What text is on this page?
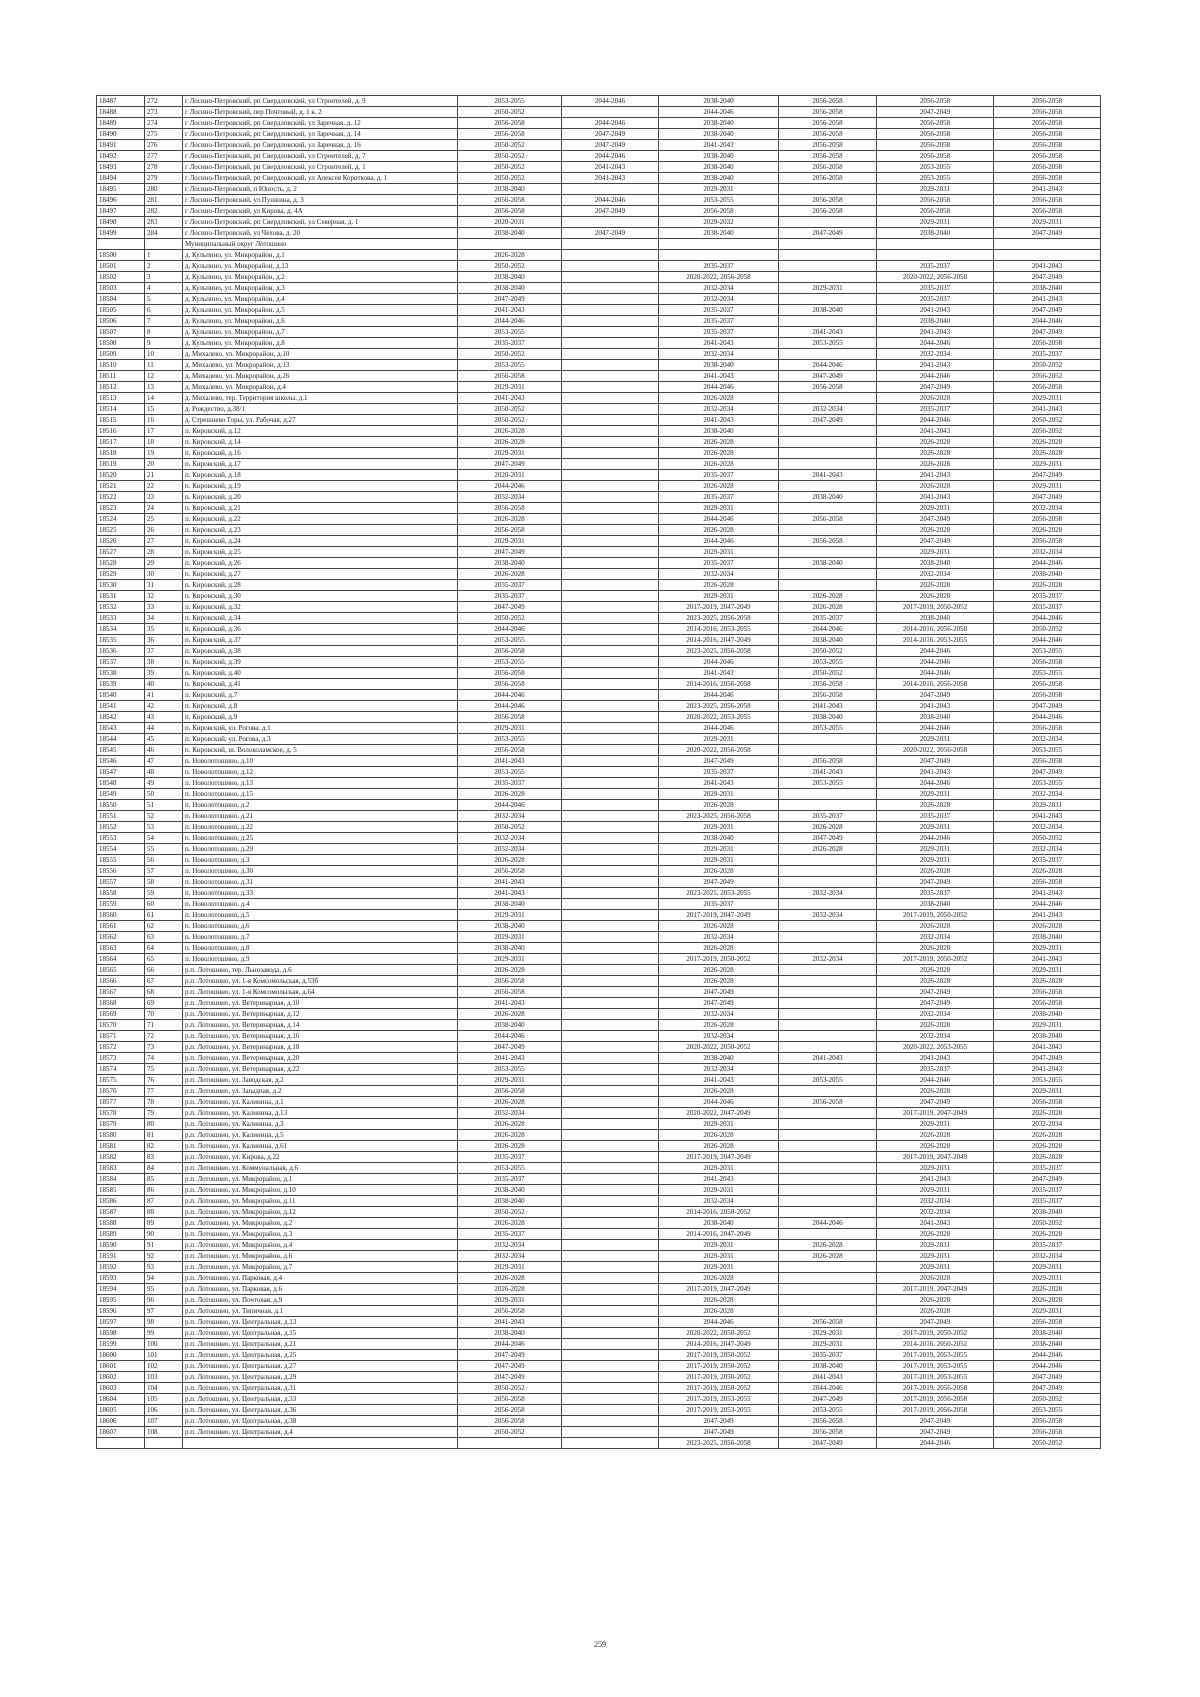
18487	272	г Лосино-Петровский, рп Свердловский, ул Строителей, д. 9	2053-2055	2044-2046	2038-2040	2056-2058	2056-2058	2056-2058
18488	273	г Лосино-Петровский, пер Почтовый, д. 1 к. 2	2050-2052		2044-2046	2056-2058	2047-2049	2056-2058
18489	274	г Лосино-Петровский, рп Свердловский, ул Заречная, д. 12	2056-2058	2044-2046	2038-2040	2056-2058	2056-2058	2056-2058
18490	275	г Лосино-Петровский, рп Свердловский, ул Заречная, д. 14	2056-2058	2047-2049	2038-2040	2056-2058	2056-2058	2056-2058
18491	276	г Лосино-Петровский, рп Свердловский, ул Заречная, д. 16	2050-2052	2047-2049	2041-2043	2056-2058	2056-2058	2056-2058
18492	277	г Лосино-Петровский, рп Свердловский, ул Строителей, д. 7	2050-2052	2044-2046	2038-2040	2056-2058	2056-2058	2056-2058
18493	278	г Лосино-Петровский, рп Свердловский, ул Строителей, д. 1	2050-2052	2041-2043	2038-2040	2056-2058	2053-2055	2056-2058
18494	279	г Лосино-Петровский, рп Свердловский, ул Алексея Короткова, д. 1	2050-2052	2041-2043	2038-2040	2056-2058	2053-2055	2056-2058
18495	280	г Лосино-Петровский, п Юность, д. 2	2038-2040		2029-2031		2029-2031	2041-2043
18496	281	г Лосино-Петровский, ул Пушкина, д. 3	2056-2058	2044-2046	2053-2055	2056-2058	2056-2058	2056-2058
18497	282	г Лосино-Петровский, ул Кирова, д. 4А	2056-2058	2047-2049	2056-2058	2056-2058	2056-2058	2056-2058
18498	283	г Лосино-Петровский, рп Свердловский, ул Северная, д. 1	2020-2031		2029-2032		2029-2031	2029-2031
18499	284	г Лосино-Петровский, ул Чехова, д. 20	2038-2040	2047-2049	2038-2040	2047-2049	2038-2040	2047-2049
		Муниципальный округ Лотошино						
18500	1	д. Кульпино, ул. Микрорайон, д.1	2026-2028					
18501	2	д. Кульпино, ул. Микрорайон, д.13	2050-2052		2035-2037		2035-2037	2041-2043
18502	3	д. Кульпино, ул. Микрорайон, д.2	2038-2040		2020-2022, 2056-2058		2020-2022, 2056-2058	2047-2049
18503	4	д. Кульпино, ул. Микрорайон, д.3	2038-2040		2032-2034	2029-2031	2035-2037	2038-2040
18504	5	д. Кульпино, ул. Микрорайон, д.4	2047-2049		2032-2034		2035-2037	2041-2043
18505	6	д. Кульпино, ул. Микрорайон, д.5	2041-2043		2035-2037	2038-2040	2041-2043	2047-2049
18506	7	д. Кульпино, ул. Микрорайон, д.6	2044-2046		2035-2037		2038-2040	2044-2046
18507	8	д. Кульпино, ул. Микрорайон, д.7	2053-2055		2035-2037	2041-2043	2041-2043	2047-2049
18508	9	д. Кульпино, ул. Микрорайон, д.8	2035-2037		2041-2043	2053-2055	2044-2046	2056-2058
18509	10	д. Михалево, ул. Микрорайон, д.10	2050-2052		2032-2034		2032-2034	2035-2037
18510	11	д. Михалево, ул. Микрорайон, д.13	2053-2055		2038-2040	2044-2046	2041-2043	2050-2052
18511	12	д. Михалево, ул. Микрорайон, д.26	2056-2058		2041-2043	2047-2049	2044-2046	2056-2052
18512	13	д. Михалево, ул. Микрорайон, д.4	2029-2031		2044-2046	2056-2058	2047-2049	2056-2058
18513	14	д. Михалево, тер. Территория школы, д.1	2041-2043		2026-2028		2026-2028	2029-2031
18514	15	д. Рождество, д.38/1	2050-2052		2032-2034	2032-2034	2035-2037	2041-2043
18515	16	д. Стрешнево Горы, ул. Рабочая, д.27	2050-2052		2041-2043	2047-2049	2044-2046	2050-2052
18516	17	п. Кировский, д.12	2026-2028		2038-2040		2041-2043	2056-2052
18517	18	п. Кировский, д.14	2026-2028		2026-2028		2026-2028	2026-2028
18518	19	п. Кировский, д.16	2029-2031		2026-2028		2026-2028	2026-2028
18519	20	п. Кировский, д.17	2047-2049		2026-2028		2026-2028	2029-2031
18520	21	п. Кировский, д.18	2020-2031		2035-2037	2041-2043	2041-2043	2047-2049
18521	22	п. Кировский, д.19	2044-2046		2026-2028		2026-2028	2029-2031
18522	23	п. Кировский, д.20	2032-2034		2035-2037	2038-2040	2041-2043	2047-2049
18523	24	п. Кировский, д.21	2056-2058		2029-2031		2029-2031	2032-2034
18524	25	п. Кировский, д.22	2026-2028		2044-2046	2056-2058	2047-2049	2056-2058
18525	26	п. Кировский, д.23	2056-2058		2026-2028		2026-2028	2026-2028
18526	27	п. Кировский, д.24	2029-2031		2044-2046	2056-2058	2047-2049	2056-2058
18527	28	п. Кировский, д.25	2047-2049		2029-2031		2029-2031	2032-2034
18528	29	п. Кировский, д.26	2038-2040		2035-2037	2038-2040	2038-2040	2044-2046
18529	30	п. Кировский, д.27	2026-2028		2032-2034		2032-2034	2038-2040
18530	31	п. Кировский, д.28	2035-2037		2026-2028		2026-2028	2026-2028
18531	32	п. Кировский, д.30	2035-2037		2029-2031	2026-2028	2026-2028	2035-2037
18532	33	п. Кировский, д.32	2047-2049		2017-2019, 2047-2049	2026-2028	2017-2019, 2050-2052	2035-2037
18533	34	п. Кировский, д.34	2050-2052		2023-2025, 2056-2058	2035-2037	2038-2040	2044-2046
18534	35	п. Кировский, д.36	2044-2046		2014-2016, 2053-2055	2044-2046	2014-2016, 2056-2058	2050-2052
18535	36	п. Кировский, д.37	2053-2055		2014-2016, 2047-2049	2038-2040	2014-2016, 2053-2055	2044-2046
18536	37	п. Кировский, д.38	2056-2058		2023-2025, 2056-2058	2050-2052	2044-2046	2053-2055
18537	38	п. Кировский, д.39	2053-2055		2044-2046	2053-2055	2044-2046	2056-2058
18538	39	п. Кировский, д.40	2056-2058		2041-2043	2050-2052	2044-2046	2053-2055
18539	40	п. Кировский, д.41	2056-2058		2014-2016, 2056-2058	2056-2058	2014-2016, 2056-2058	2056-2058
18540	41	п. Кировский, д.7	2044-2046		2044-2046	2056-2058	2047-2049	2056-2058
18541	42	п. Кировский, д.8	2044-2046		2023-2025, 2056-2058	2041-2043	2041-2043	2047-2049
18542	43	п. Кировский, д.9	2056-2058		2020-2022, 2053-2055	2038-2040	2038-2040	2044-2046
18543	44	п. Кировский, ул. Рогова, д.1	2029-2031		2044-2046	2053-2055	2044-2046	2056-2058
18544	45	п. Кировский, ул. Рогова, д.3	2053-2055		2029-2031		2029-2031	2032-2034
18545	46	п. Кировский, ш. Волоколамское, д. 5	2056-2058		2020-2022, 2056-2058		2020-2022, 2056-2058	2053-2055
18546	47	п. Новолотошино, д.10	2041-2043		2047-2049	2056-2058	2047-2049	2056-2058
18547	48	п. Новолотошино, д.12	2053-2055		2035-2037	2041-2043	2041-2043	2047-2049
18548	49	п. Новолотошино, д.13	2035-2037		2041-2043	2053-2055	2044-2046	2053-2055
18549	50	п. Новолотошино, д.15	2026-2028		2029-2031		2029-2031	2032-2034
18550	51	п. Новолотошино, д.2	2044-2046		2026-2028		2026-2028	2029-2031
18551	52	п. Новолотошино, д.21	2032-2034		2023-2025, 2056-2058	2035-2037	2035-2037	2041-2043
18552	53	п. Новолотошино, д.22	2050-2052		2029-2031	2026-2028	2029-2031	2032-2034
18553	54	п. Новолотошино, д.25	2032-2034		2038-2040	2047-2049	2044-2046	2050-2052
18554	55	п. Новолотошино, д.29	2032-2034		2029-2031	2026-2028	2029-2031	2032-2034
18555	56	п. Новолотошино, д.3	2026-2028		2029-2031		2029-2031	2035-2037
18556	57	п. Новолотошино, д.30	2056-2058		2026-2028		2026-2028	2026-2028
18557	58	п. Новолотошино, д.31	2041-2043		2047-2049		2047-2049	2056-2058
18558	59	п. Новолотошино, д.33	2041-2043		2023-2025, 2053-2055	2032-2034	2035-2037	2041-2043
18559	60	п. Новолотошино, д.4	2038-2040		2035-2037		2038-2040	2044-2046
18560	61	п. Новолотошино, д.5	2029-2031		2017-2019, 2047-2049	2032-2034	2017-2019, 2050-2052	2041-2043
18561	62	п. Новолотошино, д.6	2038-2040		2026-2028		2026-2028	2026-2028
18562	63	п. Новолотошино, д.7	2029-2031		2032-2034		2032-2034	2038-2040
18563	64	п. Новолотошино, д.8	2038-2040		2026-2028		2026-2028	2029-2031
18564	65	п. Новолотошино, д.9	2029-2031		2017-2019, 2050-2052	2032-2034	2017-2019, 2050-2052	2041-2043
18565	66	р.п. Лотошино, тер. Льнозавода, д.6	2026-2028		2026-2028		2026-2028	2029-2031
18566	67	р.п. Лотошино, ул. 1-я Комсомольская, д.53б	2056-2058		2026-2028		2026-2028	2026-2028
18567	68	р.п. Лотошино, ул. 1-я Комсомольская, д.64	2056-2058		2047-2049		2047-2049	2056-2058
18568	69	р.п. Лотошино, ул. Ветеринарная, д.10	2041-2043		2047-2049		2047-2049	2056-2058
18569	70	р.п. Лотошино, ул. Ветеринарная, д.12	2026-2028		2032-2034		2032-2034	2038-2040
18570	71	р.п. Лотошино, ул. Ветеринарная, д.14	2038-2040		2026-2028		2026-2028	2029-2031
18571	72	р.п. Лотошино, ул. Ветеринарная, д.16	2044-2046		2032-2034		2032-2034	2038-2040
18572	73	р.п. Лотошино, ул. Ветеринарная, д.18	2047-2049		2020-2022, 2050-2052		2020-2022, 2053-2055	2041-2043
18573	74	р.п. Лотошино, ул. Ветеринарная, д.20	2041-2043		2038-2040	2041-2043	2041-2043	2047-2049
18574	75	р.п. Лотошино, ул. Ветеринарная, д.22	2053-2055		2032-2034		2035-2037	2041-2043
18575	76	р.п. Лотошино, ул. Заводская, д.2	2029-2031		2041-2043	2053-2055	2044-2046	2053-2055
18576	77	р.п. Лотошино, ул. Западная, д.2	2056-2058		2026-2028		2026-2028	2029-2031
18577	78	р.п. Лотошино, ул. Калинина, д.1	2026-2028		2044-2046	2056-2058	2047-2049	2056-2058
18578	79	р.п. Лотошино, ул. Калинина, д.13	2032-2034		2020-2022, 2047-2049		2017-2019, 2047-2049	2026-2028
18579	80	р.п. Лотошино, ул. Калинина, д.3	2026-2028		2029-2031		2029-2031	2032-2034
18580	81	р.п. Лотошино, ул. Калинина, д.5	2026-2028		2026-2028		2026-2028	2026-2028
18581	82	р.п. Лотошино, ул. Калинина, д.61	2026-2028		2026-2028		2026-2028	2026-2028
18582	83	р.п. Лотошино, ул. Кирова, д.22	2035-2037		2017-2019, 2047-2049		2017-2019, 2047-2049	2026-2028
18583	84	р.п. Лотошино, ул. Коммунальная, д.6	2053-2055		2029-2031		2029-2031	2035-2037
18584	85	р.п. Лотошино, ул. Микрорайон, д.1	2035-2037		2041-2043		2041-2043	2047-2049
18585	86	р.п. Лотошино, ул. Микрорайон, д.10	2038-2040		2029-2031		2029-2031	2035-2037
18586	87	р.п. Лотошино, ул. Микрорайон, д.11	2038-2040		2032-2034		2032-2034	2035-2037
18587	88	р.п. Лотошино, ул. Микрорайон, д.12	2050-2052		2014-2016, 2050-2052		2032-2034	2038-2040
18588	89	р.п. Лотошино, ул. Микрорайон, д.2	2026-2028		2038-2040	2044-2046	2041-2043	2050-2052
18589	90	р.п. Лотошино, ул. Микрорайон, д.3	2035-2037		2014-2016, 2047-2049		2026-2028	2026-2028
18590	91	р.п. Лотошино, ул. Микрорайон, д.4	2032-2034		2029-2031	2026-2028	2029-2031	2035-2037
18591	92	р.п. Лотошино, ул. Микрорайон, д.6	2032-2034		2029-2031	2026-2028	2029-2031	2032-2034
18592	93	р.п. Лотошино, ул. Микрорайон, д.7	2029-2031		2029-2031		2029-2031	2029-2031
18593	94	р.п. Лотошино, ул. Парковая, д.4	2026-2028		2026-2028		2026-2028	2029-2031
18594	95	р.п. Лотошино, ул. Парковая, д.6	2026-2028		2017-2019, 2047-2049		2017-2019, 2047-2049	2026-2028
18595	96	р.п. Лотошино, ул. Почтовая, д.9	2029-2031		2026-2028		2026-2028	2026-2028
18596	97	р.п. Лотошино, ул. Типичная, д.1	2056-2058		2026-2028		2026-2028	2029-2031
18597	98	р.п. Лотошино, ул. Центральная, д.13	2041-2043		2044-2046	2056-2058	2047-2049	2056-2058
18598	99	р.п. Лотошино, ул. Центральная, д.15	2038-2040		2020-2022, 2050-2052	2029-2031	2017-2019, 2050-2052	2038-2040
18599	100	р.п. Лотошино, ул. Центральная, д.21	2044-2046		2014-2016, 2047-2049	2029-2031	2014-2016, 2050-2052	2038-2040
18600	101	р.п. Лотошино, ул. Центральная, д.25	2047-2049		2017-2019, 2050-2052	2035-2037	2017-2019, 2053-2055	2044-2046
18601	102	р.п. Лотошино, ул. Центральная, д.27	2047-2049		2017-2019, 2050-2052	2038-2040	2017-2019, 2053-2055	2044-2046
18602	103	р.п. Лотошино, ул. Центральная, д.29	2047-2049		2017-2019, 2050-2052	2041-2043	2017-2019, 2053-2055	2047-2049
18603	104	р.п. Лотошино, ул. Центральная, д.31	2050-2052		2017-2019, 2050-2052	2044-2046	2017-2019, 2056-2058	2047-2049
18604	105	р.п. Лотошино, ул. Центральная, д.33	2056-2058		2017-2019, 2053-2055	2047-2049	2017-2019, 2056-2058	2050-2052
18605	106	р.п. Лотошино, ул. Центральная, д.36	2056-2058		2017-2019, 2053-2055	2053-2055	2017-2019, 2056-2058	2053-2055
18606	107	р.п. Лотошино, ул. Центральная, д.38	2056-2058		2047-2049	2056-2058	2047-2049	2056-2058
18607	108	р.п. Лотошино, ул. Центральная, д.4	2050-2052		2047-2049	2056-2058	2047-2049	2056-2058
					2023-2025, 2056-2058	2047-2049	2044-2046	2050-2052
259
